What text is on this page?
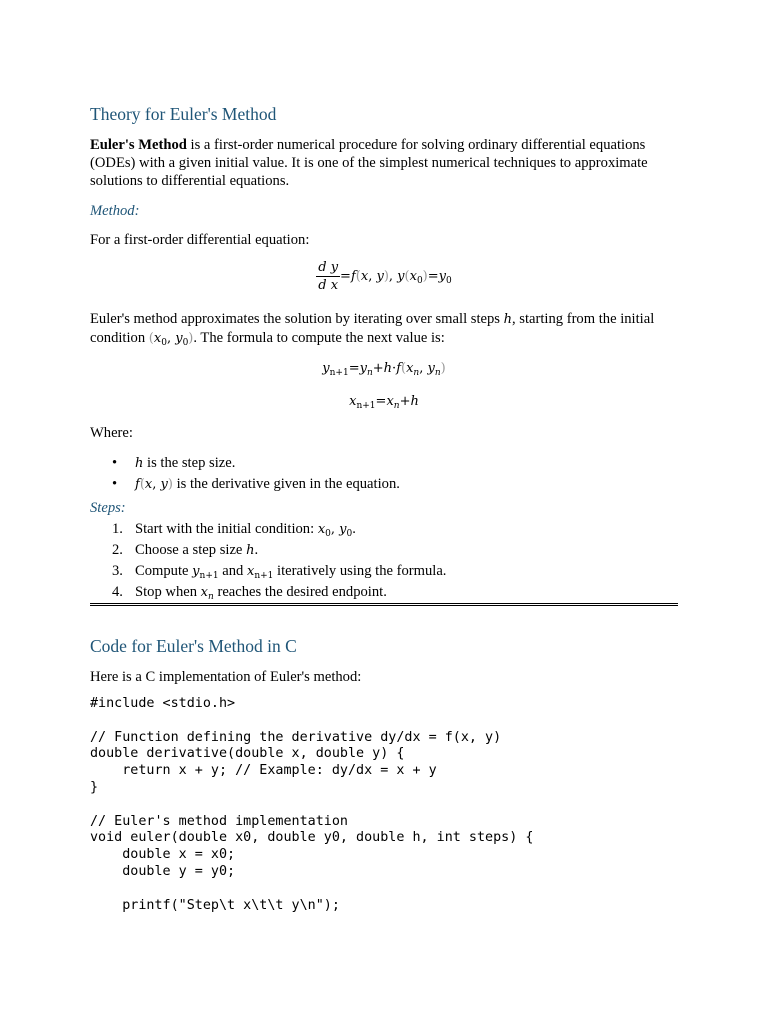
Theory for Euler's Method

Euler's Method is a first-order numerical procedure for solving ordinary differential equations
(ODEs) with a given initial value. It is one of the simplest numerical techniques to approximate
solutions to differential equations.

Method:

For a first-order differential equation:

$\frac{\text{d y}}{\text{d x}} =f(x$, y), $y(x_0)=y_0$

Euler's method approximates the solution by iterating over small steps h, starting from the initial
condition ($x_0$, $y_0$). The formula to compute the next value is:

$y_{n+1}=y_n+h\cdot f(x_n$, $y_n$)
$x_{n+1}=x_n+h$

Where:

• h is the step size.
• f(x, y) is the derivative given in the equation.

Steps:

1. Start with the initial condition: $x_0$, $y_0$.
2. Choose a step size h.
3. Compute $y_{n+1}$ and $x_{n+1}$ iteratively using the formula.
4. Stop when $x_n$ reaches the desired endpoint.
Code for Euler's Method in C

Here is a C implementation of Euler's method:

#include <stdio.h>

// Function defining the derivative dy/dx = f(x, y)
double derivative(double x, double y) {
return x + y; // Example: dy/dx = x + y
}

// Euler's method implementation
void euler(double x0, double y0, double h, int steps) {
double x = x0;
double y = y0;

printf("Step\t x\t\t y\n");
